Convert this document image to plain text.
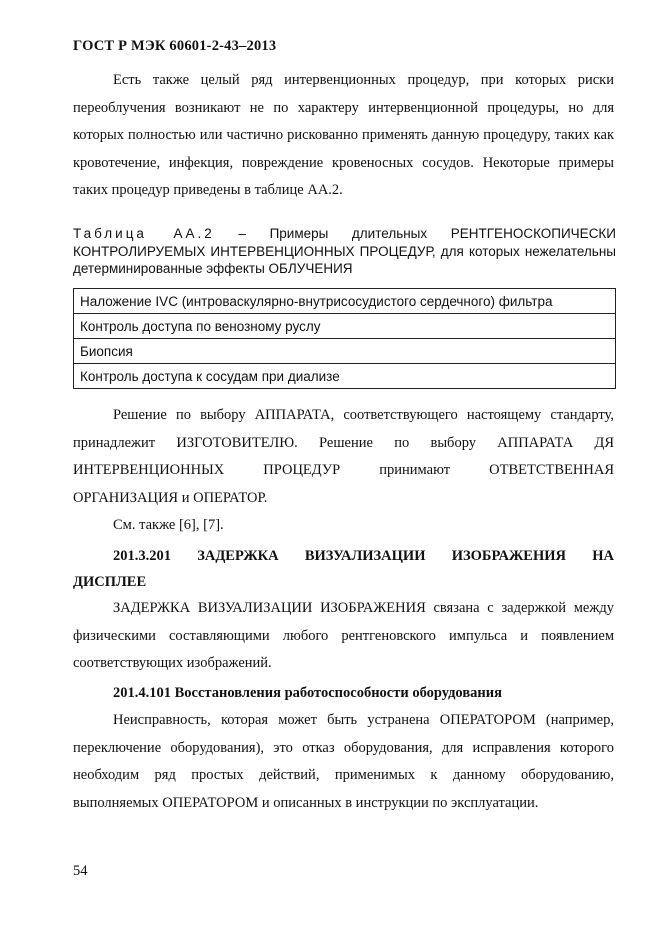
ГОСТ Р МЭК 60601-2-43–2013

Есть также целый ряд интервенционных процедур, при которых риски переоблучения возникают не по характеру интервенционной процедуры, но для которых полностью или частично рискованно применять данную процедуру, таких как кровотечение, инфекция, повреждение кровеносных сосудов. Некоторые примеры таких процедур приведены в таблице АА.2.

Таблица АА.2 – Примеры длительных РЕНТГЕНОСКОПИЧЕСКИ КОНТРОЛИРУЕМЫХ ИНТЕРВЕНЦИОННЫХ ПРОЦЕДУР, для которых нежелательны детерминированные эффекты ОБЛУЧЕНИЯ

Наложение IVC (интроваскулярно-внутрисосудистого сердечного) фильтра
Контроль доступа по венозному руслу
Биопсия
Контроль доступа к сосудам при диализе

Решение по выбору АППАРАТА, соответствующего настоящему стандарту, принадлежит ИЗГОТОВИТЕЛЮ. Решение по выбору АППАРАТА ДЯ ИНТЕРВЕНЦИОННЫХ ПРОЦЕДУР принимают ОТВЕТСТВЕННАЯ ОРГАНИЗАЦИЯ и ОПЕРАТОР.

См. также [6], [7].

201.3.201 ЗАДЕРЖКА ВИЗУАЛИЗАЦИИ ИЗОБРАЖЕНИЯ НА
ДИСПЛЕЕ

ЗАДЕРЖКА ВИЗУАЛИЗАЦИИ ИЗОБРАЖЕНИЯ связана с задержкой между физическими составляющими любого рентгеновского импульса и появлением соответствующих изображений.

201.4.101 Восстановления работоспособности оборудования

Неисправность, которая может быть устранена ОПЕРАТОРОМ (например, переключение оборудования), это отказ оборудования, для исправления которого необходим ряд простых действий, применимых к данному оборудованию, выполняемых ОПЕРАТОРОМ и описанных в инструкции по эксплуатации.

54
